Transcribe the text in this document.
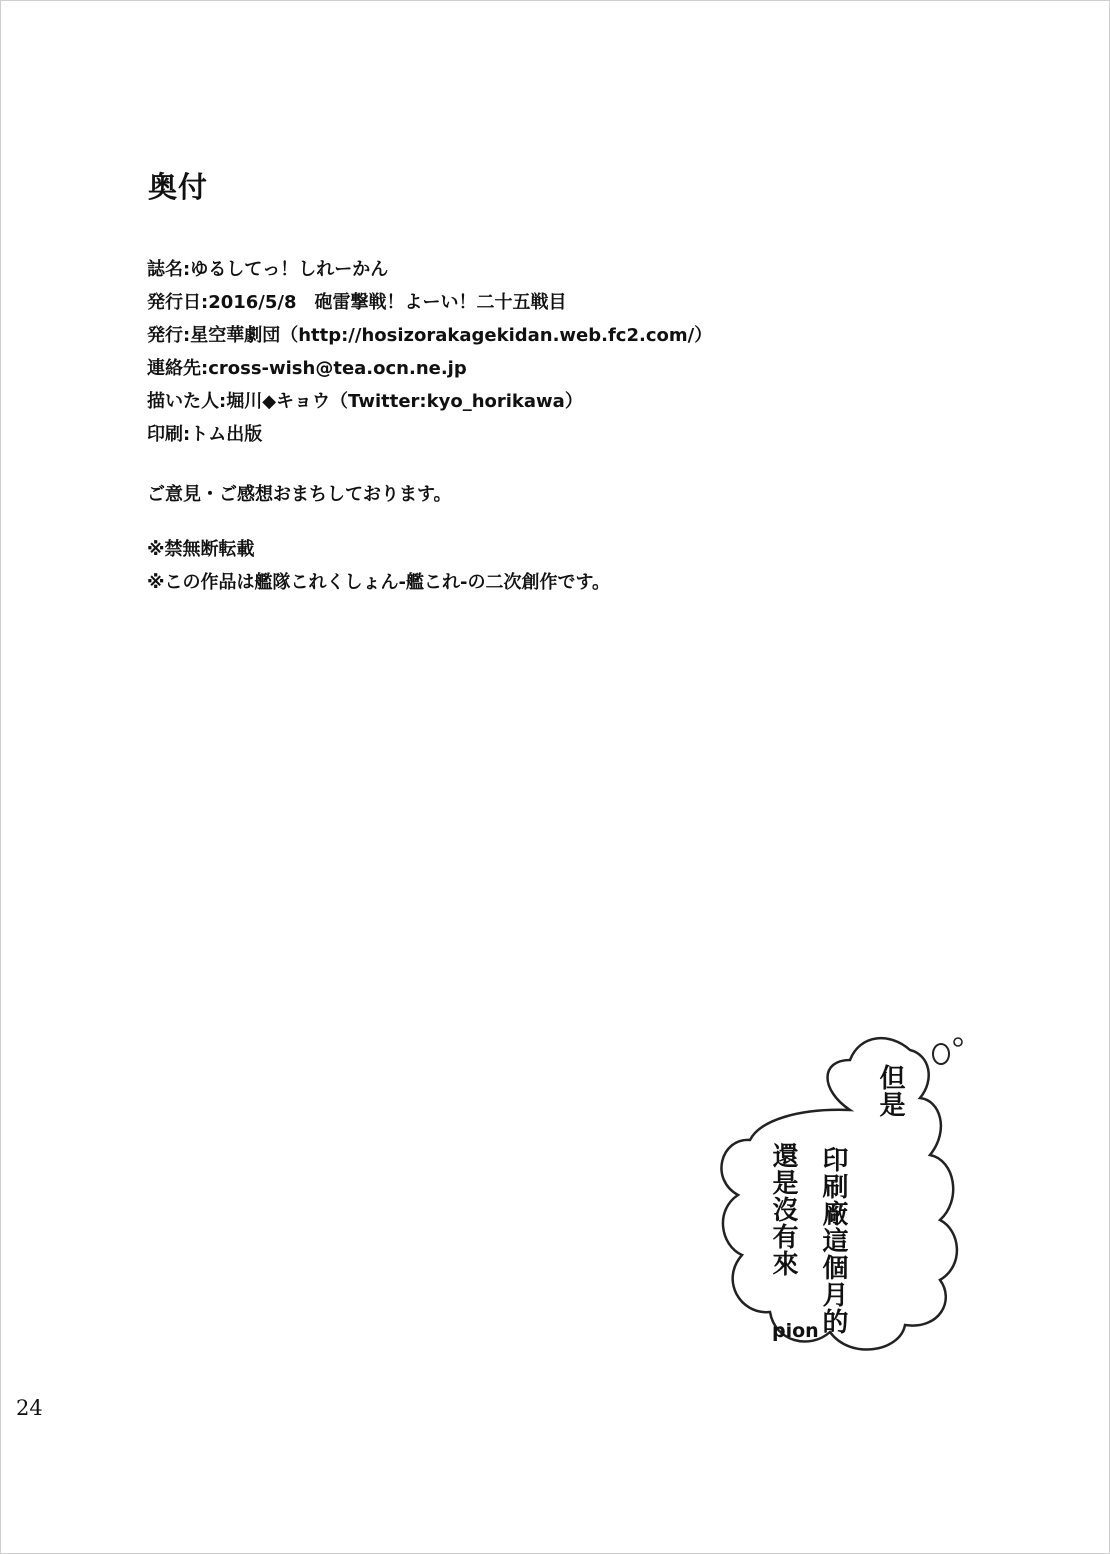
奥付
誌名:ゆるしてっ！しれーかん
発行日:2016/5/8　砲雷撃戦！よーい！二十五戦目
発行:星空華劇団（http://hosizorakagekidan.web.fc2.com/）
連絡先:cross-wish@tea.ocn.ne.jp
描いた人:堀川◆キョウ（Twitter:kyo_horikawa）
印刷:トム出版
ご意見・ご感想おまちしております。
※禁無断転載
※この作品は艦隊これくしょん-艦これ-の二次創作です。
但是
印刷廠這個月的
還是沒有來
pion
24
